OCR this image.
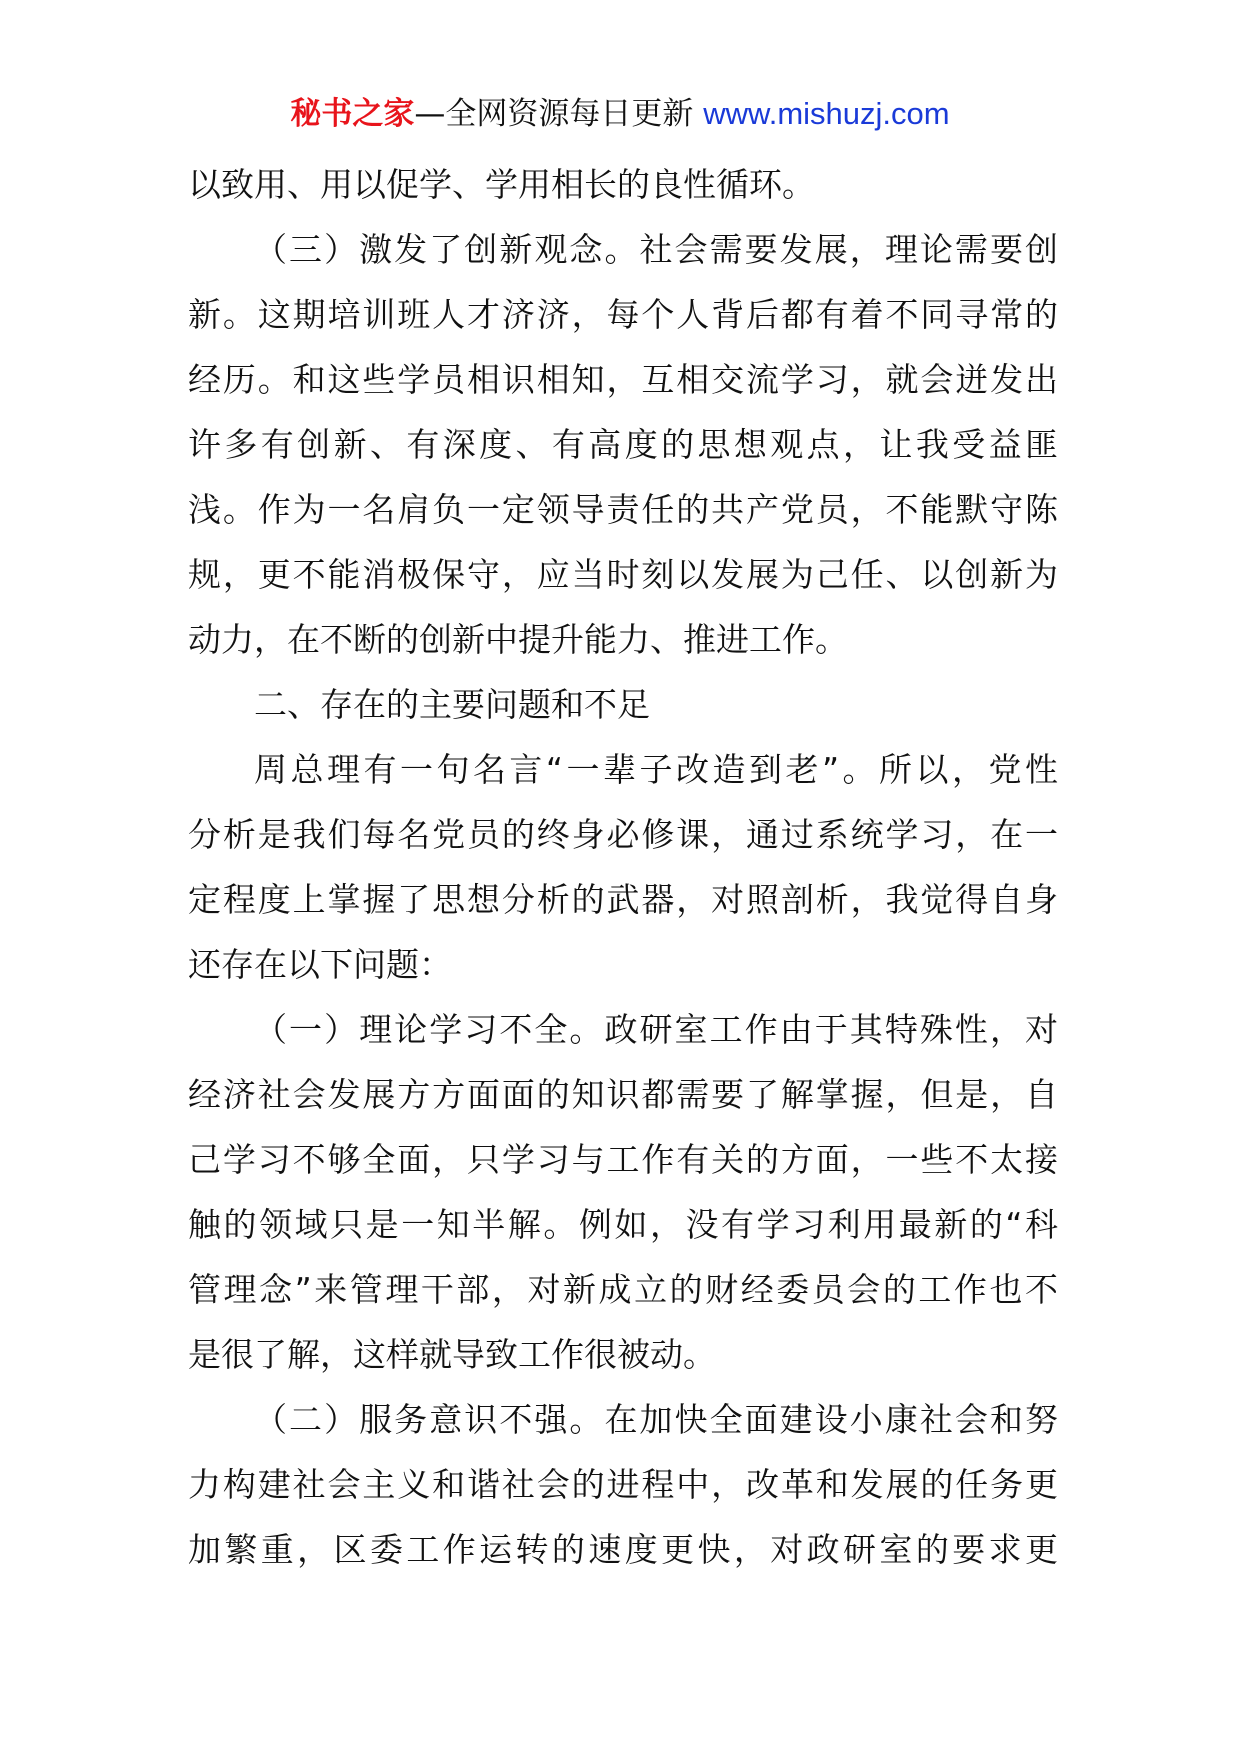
秘书之家—全网资源每日更新 www.mishuzj.com
以致用、用以促学、学用相长的良性循环。
（三）激发了创新观念。社会需要发展，理论需要创
新。这期培训班人才济济，每个人背后都有着不同寻常的
经历。和这些学员相识相知，互相交流学习，就会迸发出
许多有创新、有深度、有高度的思想观点，让我受益匪
浅。作为一名肩负一定领导责任的共产党员，不能默守陈
规，更不能消极保守，应当时刻以发展为己任、以创新为
动力，在不断的创新中提升能力、推进工作。
二、存在的主要问题和不足
周总理有一句名言“一辈子改造到老”。所以，党性
分析是我们每名党员的终身必修课，通过系统学习，在一
定程度上掌握了思想分析的武器，对照剖析，我觉得自身
还存在以下问题：
（一）理论学习不全。政研室工作由于其特殊性，对
经济社会发展方方面面的知识都需要了解掌握，但是，自
己学习不够全面，只学习与工作有关的方面，一些不太接
触的领域只是一知半解。例如，没有学习利用最新的“科
管理念”来管理干部，对新成立的财经委员会的工作也不
是很了解，这样就导致工作很被动。
（二）服务意识不强。在加快全面建设小康社会和努
力构建社会主义和谐社会的进程中，改革和发展的任务更
加繁重，区委工作运转的速度更快，对政研室的要求更
